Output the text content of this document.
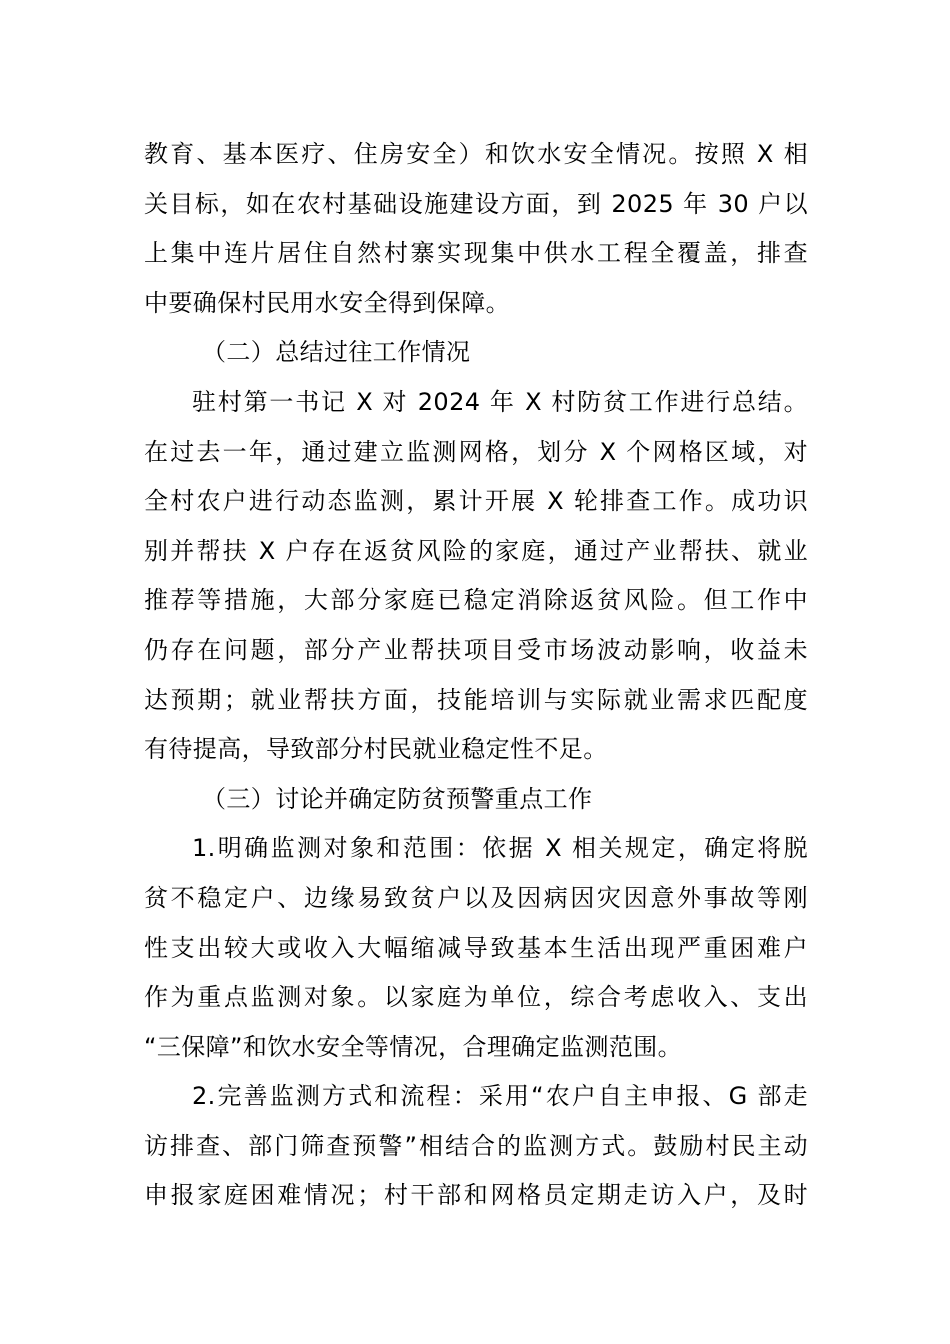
教育、基本医疗、住房安全）和饮水安全情况。按照 X 相
关目标，如在农村基础设施建设方面，到 2025 年 30 户以
上集中连片居住自然村寨实现集中供水工程全覆盖，排查
中要确保村民用水安全得到保障。
（二）总结过往工作情况
驻村第一书记 X 对 2024 年 X 村防贫工作进行总结。
在过去一年，通过建立监测网格，划分 X 个网格区域，对
全村农户进行动态监测，累计开展 X 轮排查工作。成功识
别并帮扶 X 户存在返贫风险的家庭，通过产业帮扶、就业
推荐等措施，大部分家庭已稳定消除返贫风险。但工作中
仍存在问题，部分产业帮扶项目受市场波动影响，收益未
达预期；就业帮扶方面，技能培训与实际就业需求匹配度
有待提高，导致部分村民就业稳定性不足。
（三）讨论并确定防贫预警重点工作
1.明确监测对象和范围：依据 X 相关规定，确定将脱
贫不稳定户、边缘易致贫户以及因病因灾因意外事故等刚
性支出较大或收入大幅缩减导致基本生活出现严重困难户
作为重点监测对象。以家庭为单位，综合考虑收入、支出
“三保障”和饮水安全等情况，合理确定监测范围。
2.完善监测方式和流程：采用“农户自主申报、G 部走
访排查、部门筛查预警”相结合的监测方式。鼓励村民主动
申报家庭困难情况；村干部和网格员定期走访入户，及时
